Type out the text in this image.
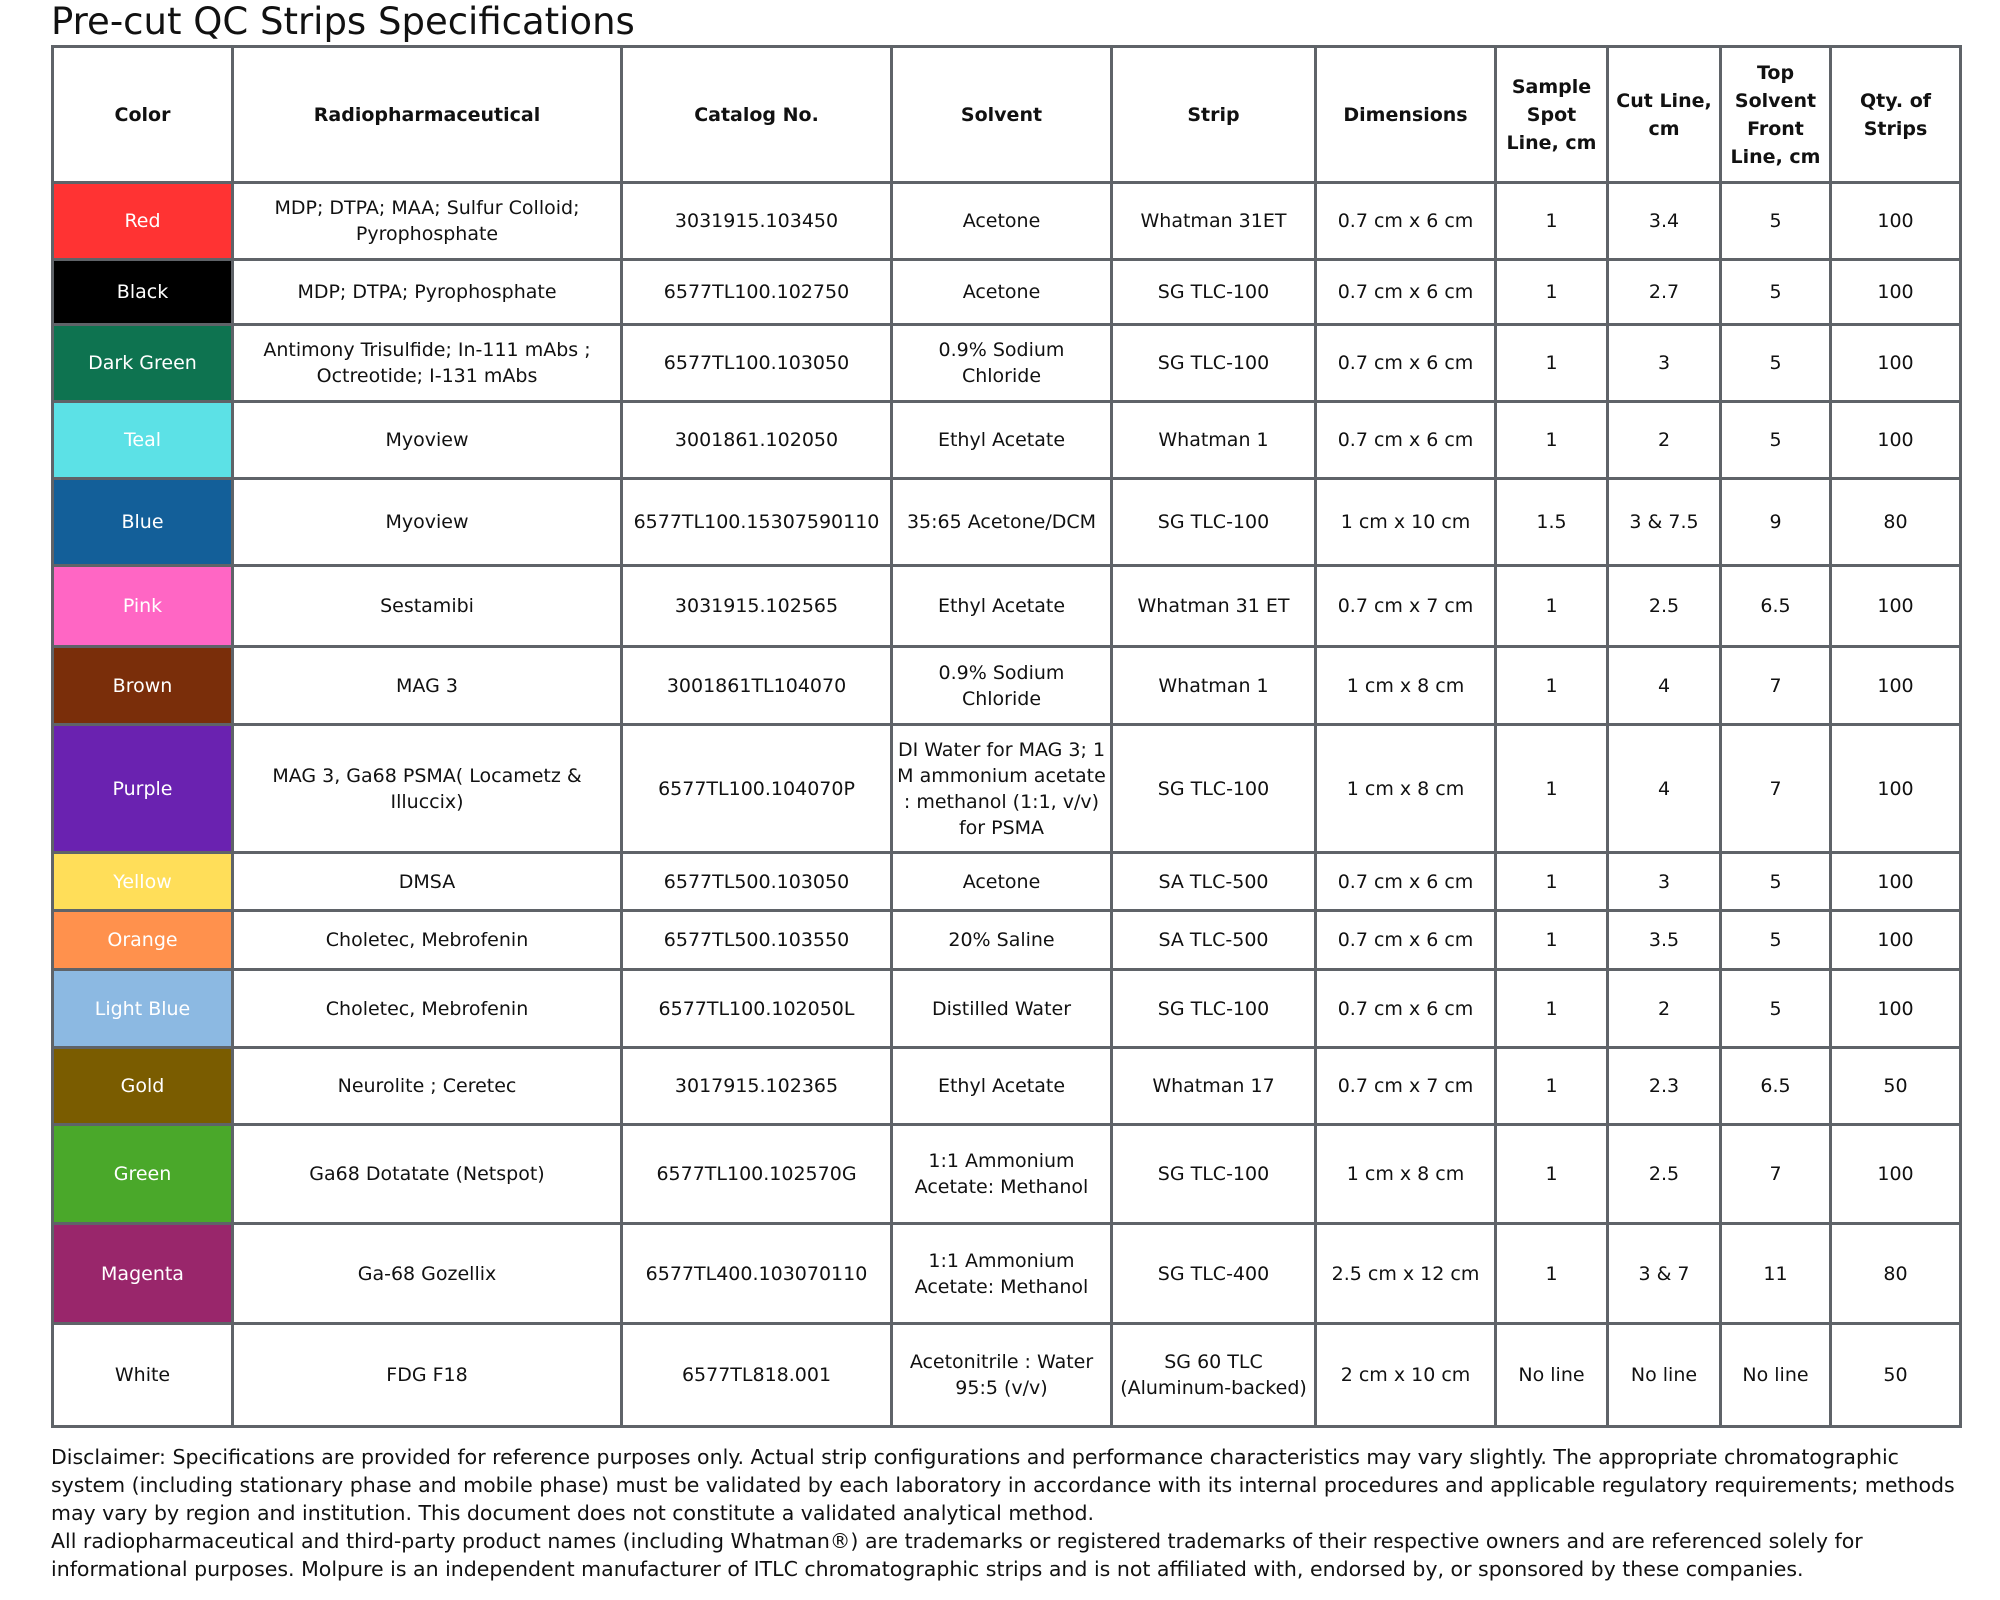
Pre-cut QC Strips Specifications
Color	Radiopharmaceutical	Catalog No.	Solvent	Strip	Dimensions	Sample Spot Line, cm	Cut Line, cm	Top Solvent Front Line, cm	Qty. of Strips
Red	MDP; DTPA; MAA; Sulfur Colloid; Pyrophosphate	3031915.103450	Acetone	Whatman 31ET	0.7 cm x 6 cm	1	3.4	5	100
Black	MDP; DTPA; Pyrophosphate	6577TL100.102750	Acetone	SG TLC-100	0.7 cm x 6 cm	1	2.7	5	100
Dark Green	Antimony Trisulfide; In-111 mAbs ; Octreotide; I-131 mAbs	6577TL100.103050	0.9% Sodium Chloride	SG TLC-100	0.7 cm x 6 cm	1	3	5	100
Teal	Myoview	3001861.102050	Ethyl Acetate	Whatman 1	0.7 cm x 6 cm	1	2	5	100
Blue	Myoview	6577TL100.15307590110	35:65 Acetone/DCM	SG TLC-100	1 cm x 10 cm	1.5	3 & 7.5	9	80
Pink	Sestamibi	3031915.102565	Ethyl Acetate	Whatman 31 ET	0.7 cm x 7 cm	1	2.5	6.5	100
Brown	MAG 3	3001861TL104070	0.9% Sodium Chloride	Whatman 1	1 cm x 8 cm	1	4	7	100
Purple	MAG 3, Ga68 PSMA( Locametz & Illuccix)	6577TL100.104070P	DI Water for MAG 3; 1 M ammonium acetate : methanol (1:1, v/v) for PSMA	SG TLC-100	1 cm x 8 cm	1	4	7	100
Yellow	DMSA	6577TL500.103050	Acetone	SA TLC-500	0.7 cm x 6 cm	1	3	5	100
Orange	Choletec, Mebrofenin	6577TL500.103550	20% Saline	SA TLC-500	0.7 cm x 6 cm	1	3.5	5	100
Light Blue	Choletec, Mebrofenin	6577TL100.102050L	Distilled Water	SG TLC-100	0.7 cm x 6 cm	1	2	5	100
Gold	Neurolite ; Ceretec	3017915.102365	Ethyl Acetate	Whatman 17	0.7 cm x 7 cm	1	2.3	6.5	50
Green	Ga68 Dotatate (Netspot)	6577TL100.102570G	1:1 Ammonium Acetate: Methanol	SG TLC-100	1 cm x 8 cm	1	2.5	7	100
Magenta	Ga-68 Gozellix	6577TL400.103070110	1:1 Ammonium Acetate: Methanol	SG TLC-400	2.5 cm x 12 cm	1	3 & 7	11	80
White	FDG F18	6577TL818.001	Acetonitrile : Water 95:5 (v/v)	SG 60 TLC (Aluminum-backed)	2 cm x 10 cm	No line	No line	No line	50

Disclaimer: Specifications are provided for reference purposes only. Actual strip configurations and performance characteristics may vary slightly. The appropriate chromatographic system (including stationary phase and mobile phase) must be validated by each laboratory in accordance with its internal procedures and applicable regulatory requirements; methods may vary by region and institution. This document does not constitute a validated analytical method.

All radiopharmaceutical and third-party product names (including Whatman®) are trademarks or registered trademarks of their respective owners and are referenced solely for informational purposes. Molpure is an independent manufacturer of ITLC chromatographic strips and is not affiliated with, endorsed by, or sponsored by these companies.
